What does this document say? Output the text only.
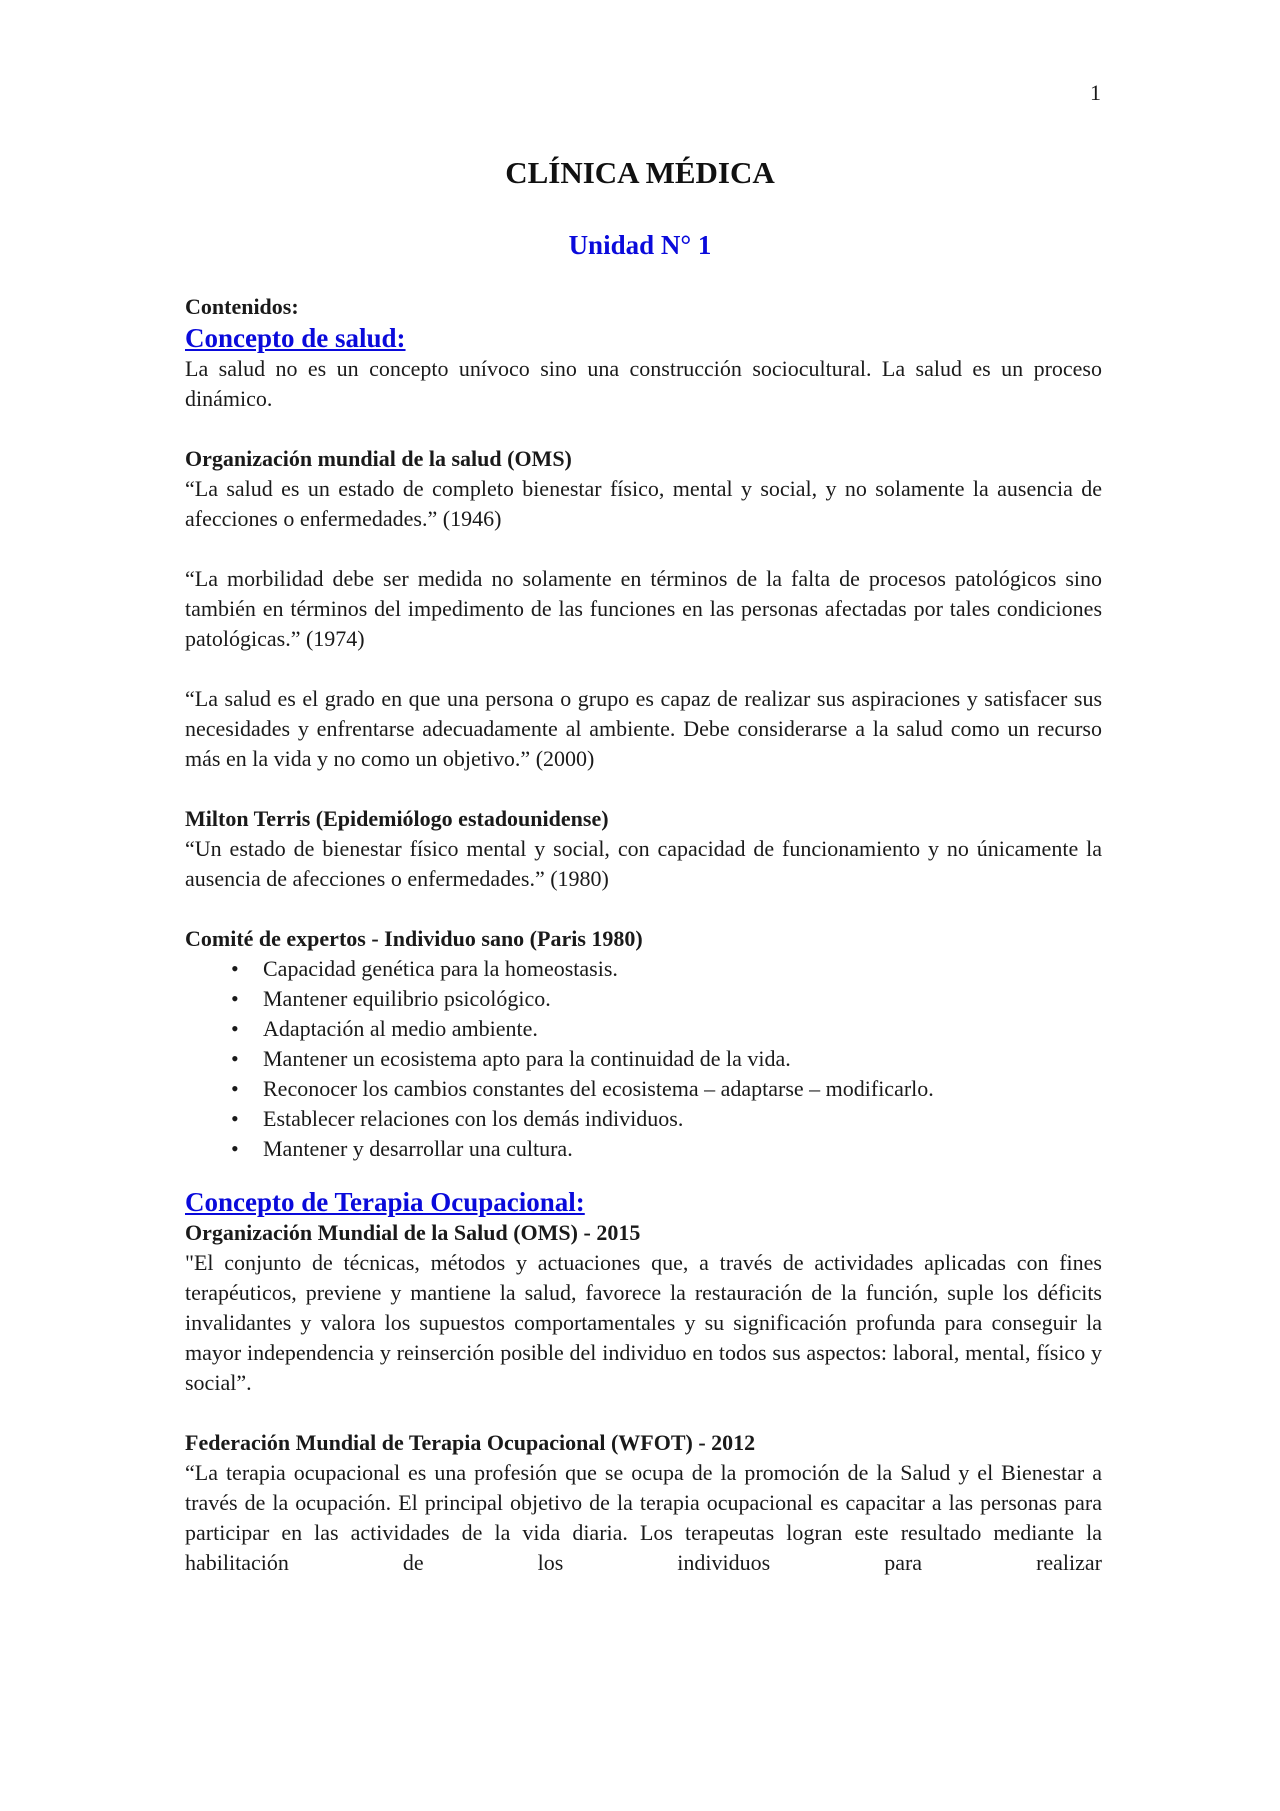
1
CLÍNICA MÉDICA
Unidad N° 1
Contenidos:
Concepto de salud:

La salud no es un concepto unívoco sino una construcción sociocultural. La salud es un proceso dinámico.

Organización mundial de la salud (OMS)

“La salud es un estado de completo bienestar físico, mental y social, y no solamente la ausencia de afecciones o enfermedades.” (1946)

“La morbilidad debe ser medida no solamente en términos de la falta de procesos patológicos sino también en términos del impedimento de las funciones en las personas afectadas por tales condiciones patológicas.” (1974)

“La salud es el grado en que una persona o grupo es capaz de realizar sus aspiraciones y satisfacer sus necesidades y enfrentarse adecuadamente al ambiente. Debe considerarse a la salud como un recurso más en la vida y no como un objetivo.” (2000)

Milton Terris (Epidemiólogo estadounidense)

“Un estado de bienestar físico mental y social, con capacidad de funcionamiento y no únicamente la ausencia de afecciones o enfermedades.” (1980)

Comité de expertos - Individuo sano (Paris 1980)
• Capacidad genética para la homeostasis.
• Mantener equilibrio psicológico.
• Adaptación al medio ambiente.
• Mantener un ecosistema apto para la continuidad de la vida.
• Reconocer los cambios constantes del ecosistema – adaptarse – modificarlo.
• Establecer relaciones con los demás individuos.
• Mantener y desarrollar una cultura.
Concepto de Terapia Ocupacional:
Organización Mundial de la Salud (OMS) - 2015

"El conjunto de técnicas, métodos y actuaciones que, a través de actividades aplicadas con fines terapéuticos, previene y mantiene la salud, favorece la restauración de la función, suple los déficits invalidantes y valora los supuestos comportamentales y su significación profunda para conseguir la mayor independencia y reinserción posible del individuo en todos sus aspectos: laboral, mental, físico y social”.

Federación Mundial de Terapia Ocupacional (WFOT) - 2012

“La terapia ocupacional es una profesión que se ocupa de la promoción de la Salud y el Bienestar a través de la ocupación. El principal objetivo de la terapia ocupacional es capacitar a las personas para participar en las actividades de la vida diaria. Los terapeutas logran este resultado mediante la habilitación de los individuos para realizar
